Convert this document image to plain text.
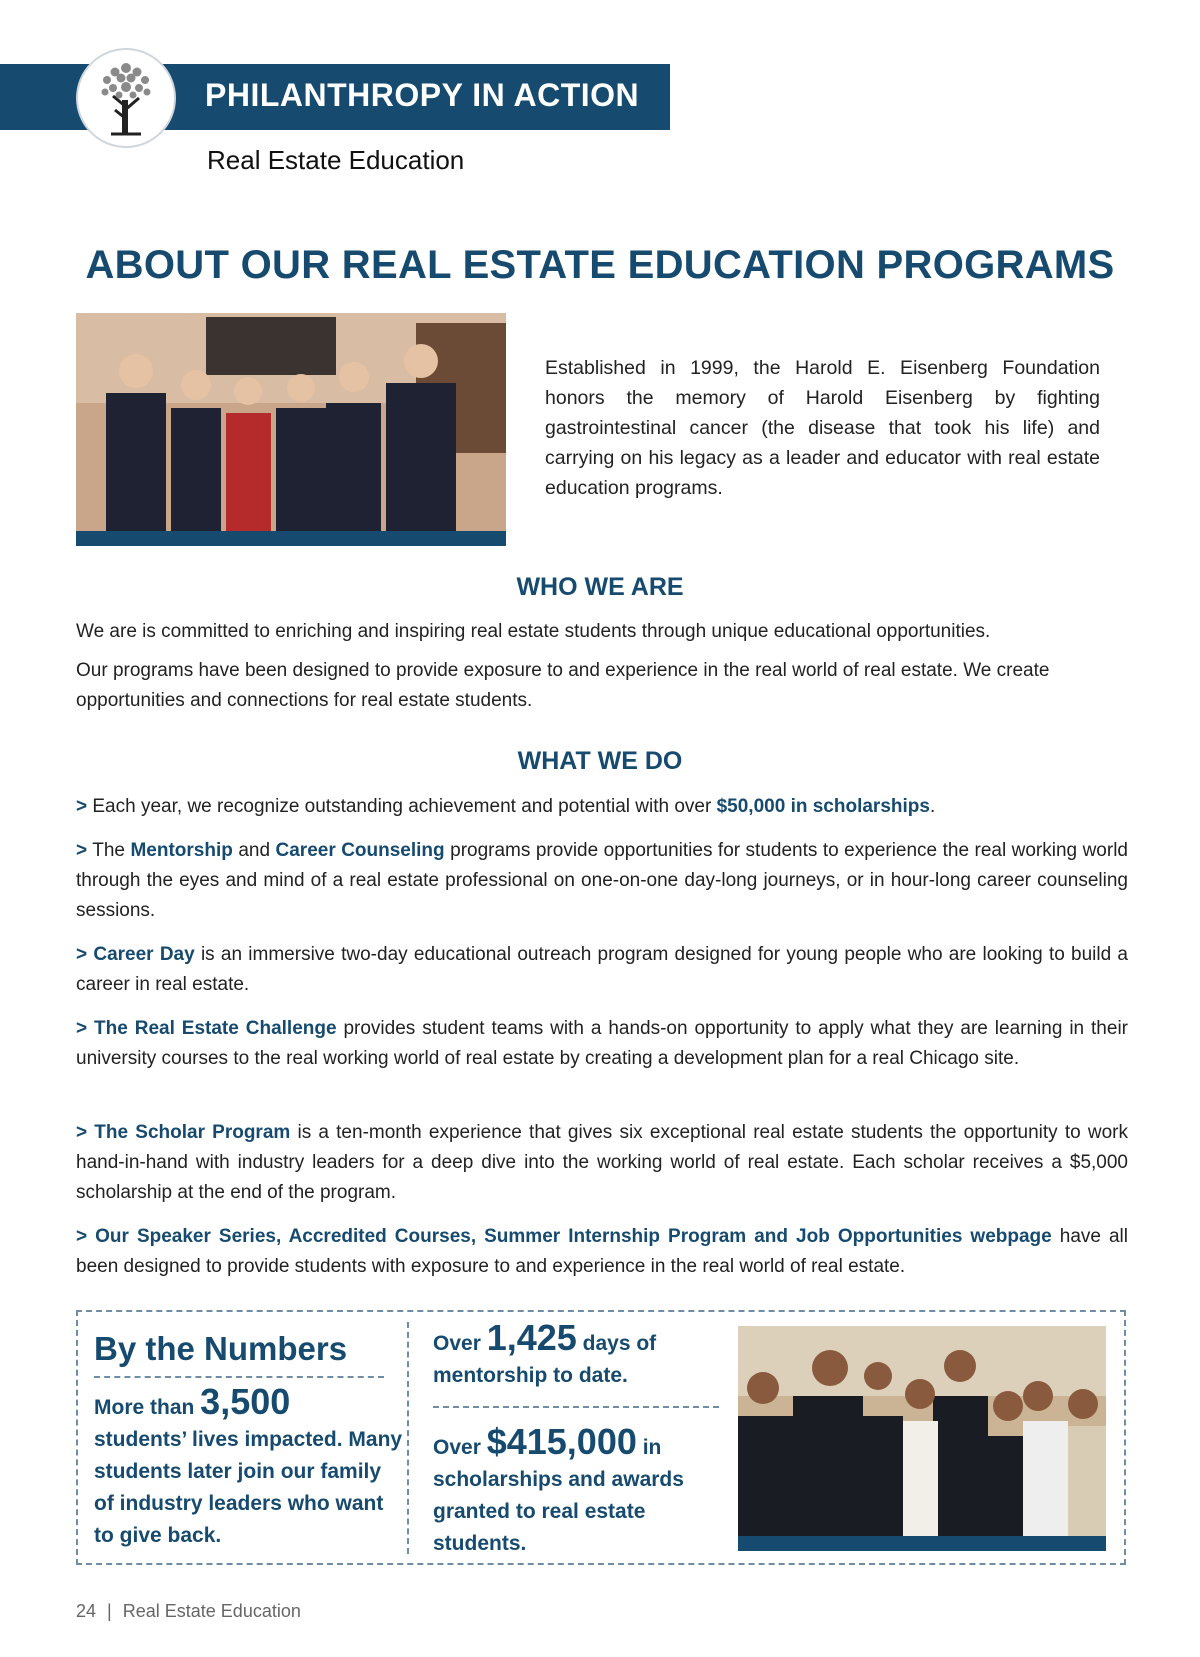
PHILANTHROPY IN ACTION
Real Estate Education
ABOUT OUR REAL ESTATE EDUCATION PROGRAMS
Established in 1999, the Harold E. Eisenberg Foundation honors the memory of Harold Eisenberg by fighting gastrointestinal cancer (the disease that took his life) and carrying on his legacy as a leader and educator with real estate education programs.
WHO WE ARE
We are is committed to enriching and inspiring real estate students through unique educational opportunities.
Our programs have been designed to provide exposure to and experience in the real world of real estate. We create opportunities and connections for real estate students.
WHAT WE DO
> Each year, we recognize outstanding achievement and potential with over $50,000 in scholarships.
> The Mentorship and Career Counseling programs provide opportunities for students to experience the real working world through the eyes and mind of a real estate professional on one-on-one day-long journeys, or in hour-long career counseling sessions.
> Career Day is an immersive two-day educational outreach program designed for young people who are looking to build a career in real estate.
> The Real Estate Challenge provides student teams with a hands-on opportunity to apply what they are learning in their university courses to the real working world of real estate by creating a development plan for a real Chicago site.
> The Scholar Program is a ten-month experience that gives six exceptional real estate students the opportunity to work hand-in-hand with industry leaders for a deep dive into the working world of real estate. Each scholar receives a $5,000 scholarship at the end of the program.
> Our Speaker Series, Accredited Courses, Summer Internship Program and Job Opportunities webpage have all been designed to provide students with exposure to and experience in the real world of real estate.
By the Numbers
More than 3,500
students’ lives impacted. Many students later join our family of industry leaders who want to give back.
Over 1,425 days of mentorship to date.
Over $415,000 in scholarships and awards granted to real estate students.
24 | Real Estate Education
